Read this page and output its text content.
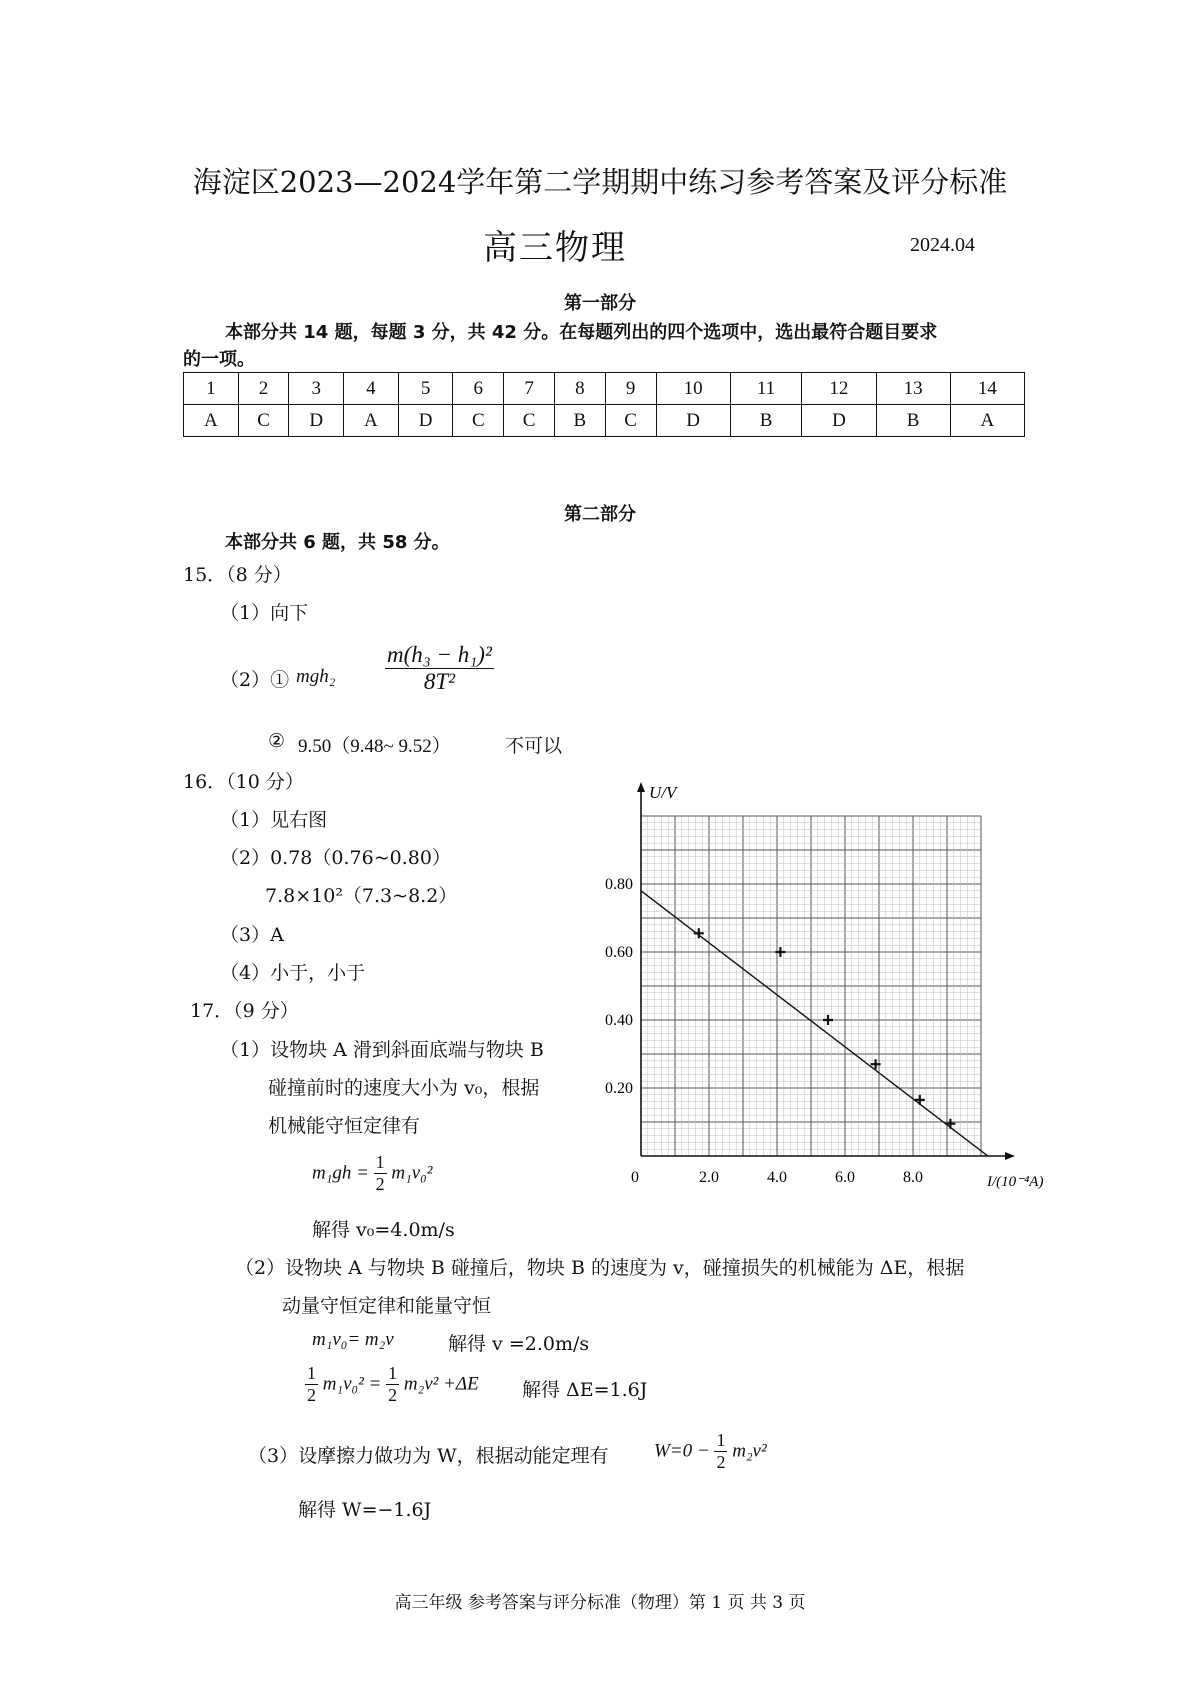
海淀区2023—2024学年第二学期期中练习参考答案及评分标准
高三物理	2024.04
第一部分
本部分共 14 题，每题 3 分，共 42 分。在每题列出的四个选项中，选出最符合题目要求
的一项。
1	2	3	4	5	6	7	8	9	10	11	12	13	14
A	C	D	A	D	C	C	B	C	D	B	D	B	A
第二部分
本部分共 6 题，共 58 分。
15．（8 分）
（1）向下
（2）① $mgh_2 \frac{\text{m(h₃ − h₁)²}}{\text{8T²}}$
② 9.50（9.48~ 9.52）	不可以
16．（10 分）
（1）见右图
（2）0.78（0.76~0.80）
7.8×10²（7.3~8.2）
（3）A
（4）小于，小于
U/V
I/(10⁻⁴A)
0	2.0	4.0	6.0	8.0
0.20
0.40
0.60
0.80
17．（9 分）
（1）设物块 A 滑到斜面底端与物块 B
碰撞前时的速度大小为 v₀，根据
机械能守恒定律有
$m_1gh = \frac{1}{2} m_1v_0^2$
解得 v₀=4.0m/s
（2）设物块 A 与物块 B 碰撞后，物块 B 的速度为 v，碰撞损失的机械能为 ΔE，根据
动量守恒定律和能量守恒
m₁v₀= m₂v	解得 v =2.0m/s
$\frac{1}{2} m_1v_0^2 = \frac{1}{2} m_2v^2 +\Delta E$ 解得 ΔE=1.6J
（3）设摩擦力做功为 W，根据动能定理有 $W=0 - \frac{1}{2} m_2v^2$
解得 W=−1.6J
高三年级 参考答案与评分标准（物理）第 1 页 共 3 页
